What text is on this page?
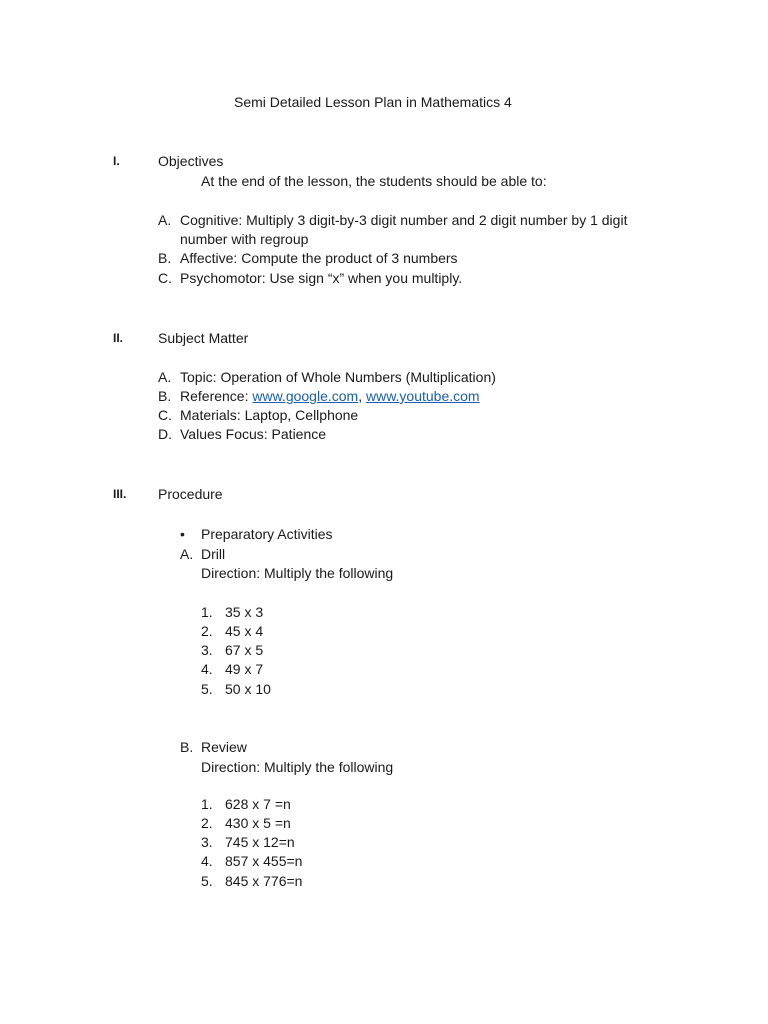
Semi Detailed Lesson Plan in Mathematics 4
I.	Objectives
At the end of the lesson, the students should be able to:
A. Cognitive: Multiply 3 digit-by-3 digit number and 2 digit number by 1 digit
number with regroup
B. Affective: Compute the product of 3 numbers
C. Psychomotor: Use sign “x” when you multiply.
II. Subject Matter
A. Topic: Operation of Whole Numbers (Multiplication)
B. Reference: www.google.com, www.youtube.com
C. Materials: Laptop, Cellphone
D. Values Focus: Patience
III. Procedure
• Preparatory Activities
A. Drill
Direction: Multiply the following
1. 35 x 3
2. 45 x 4
3. 67 x 5
4. 49 x 7
5. 50 x 10
B. Review
Direction: Multiply the following
1. 628 x 7 =n
2. 430 x 5 =n
3. 745 x 12=n
4. 857 x 455=n
5. 845 x 776=n
